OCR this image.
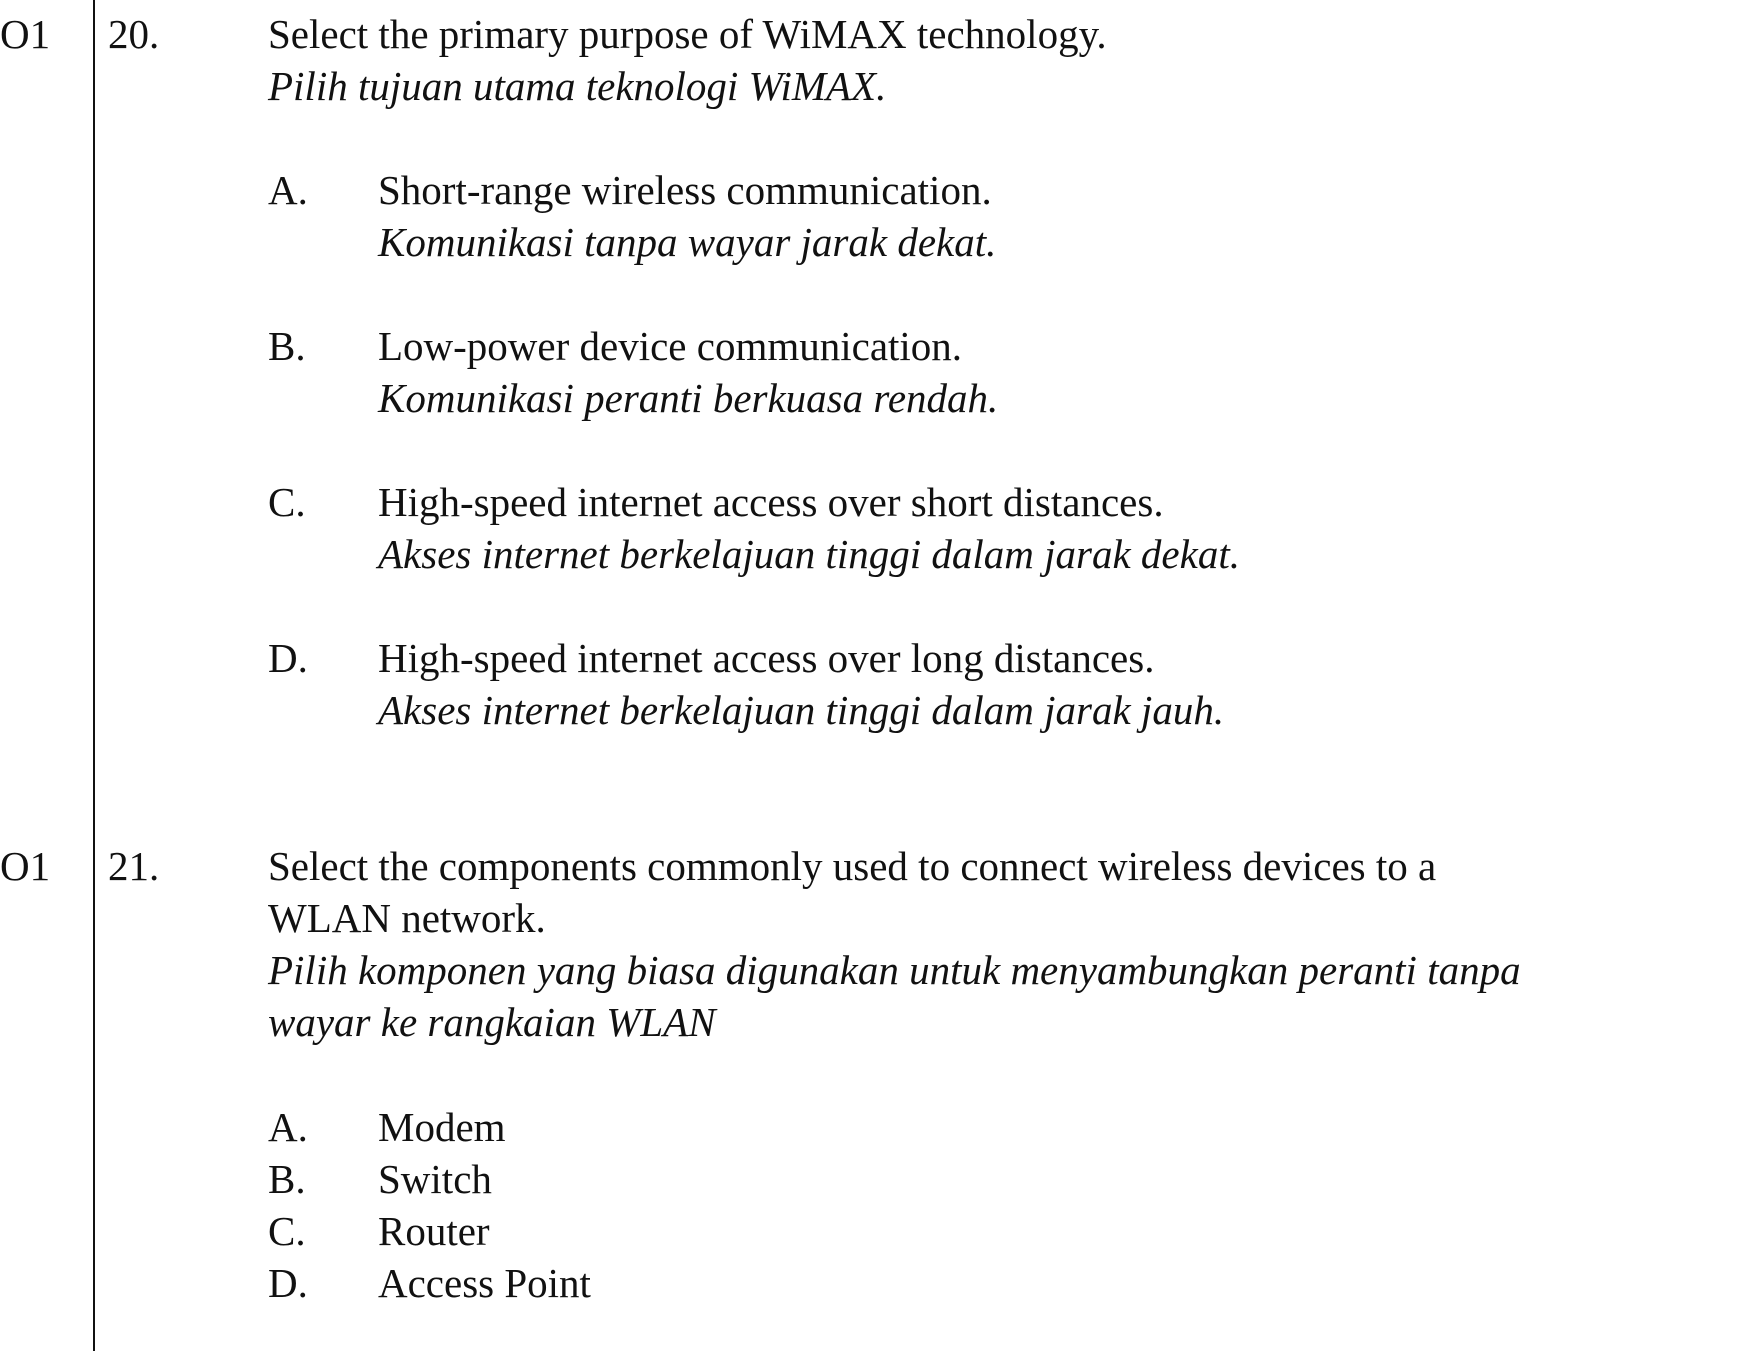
O1 20.	Select the primary purpose of WiMAX technology.
Pilih tujuan utama teknologi WiMAX.
A. Short-range wireless communication.
Komunikasi tanpa wayar jarak dekat.
B. Low-power device communication.
Komunikasi peranti berkuasa rendah.
C. High-speed internet access over short distances.
Akses internet berkelajuan tinggi dalam jarak dekat.
D. High-speed internet access over long distances.
Akses internet berkelajuan tinggi dalam jarak jauh.
O1 21.	Select the components commonly used to connect wireless devices to a
WLAN network.
Pilih komponen yang biasa digunakan untuk menyambungkan peranti tanpa
wayar ke rangkaian WLAN
A. Modem
B. Switch
C. Router
D. Access Point
